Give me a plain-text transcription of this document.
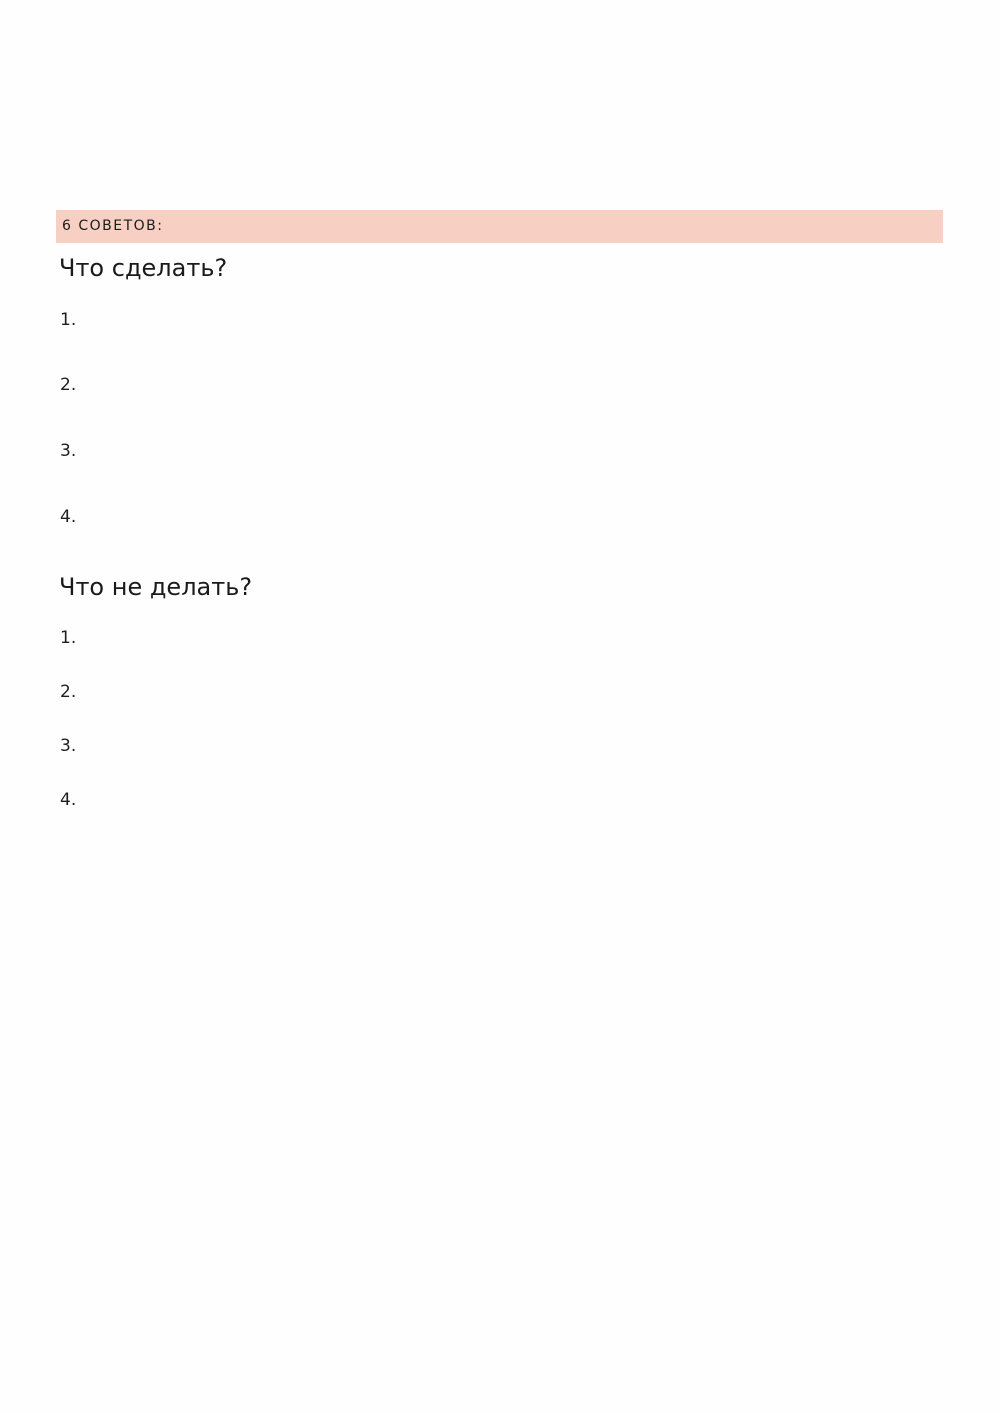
6 СОВЕТОВ:
Что сделать?
1.
2.
3.
4.
Что не делать?
1.
2.
3.
4.
